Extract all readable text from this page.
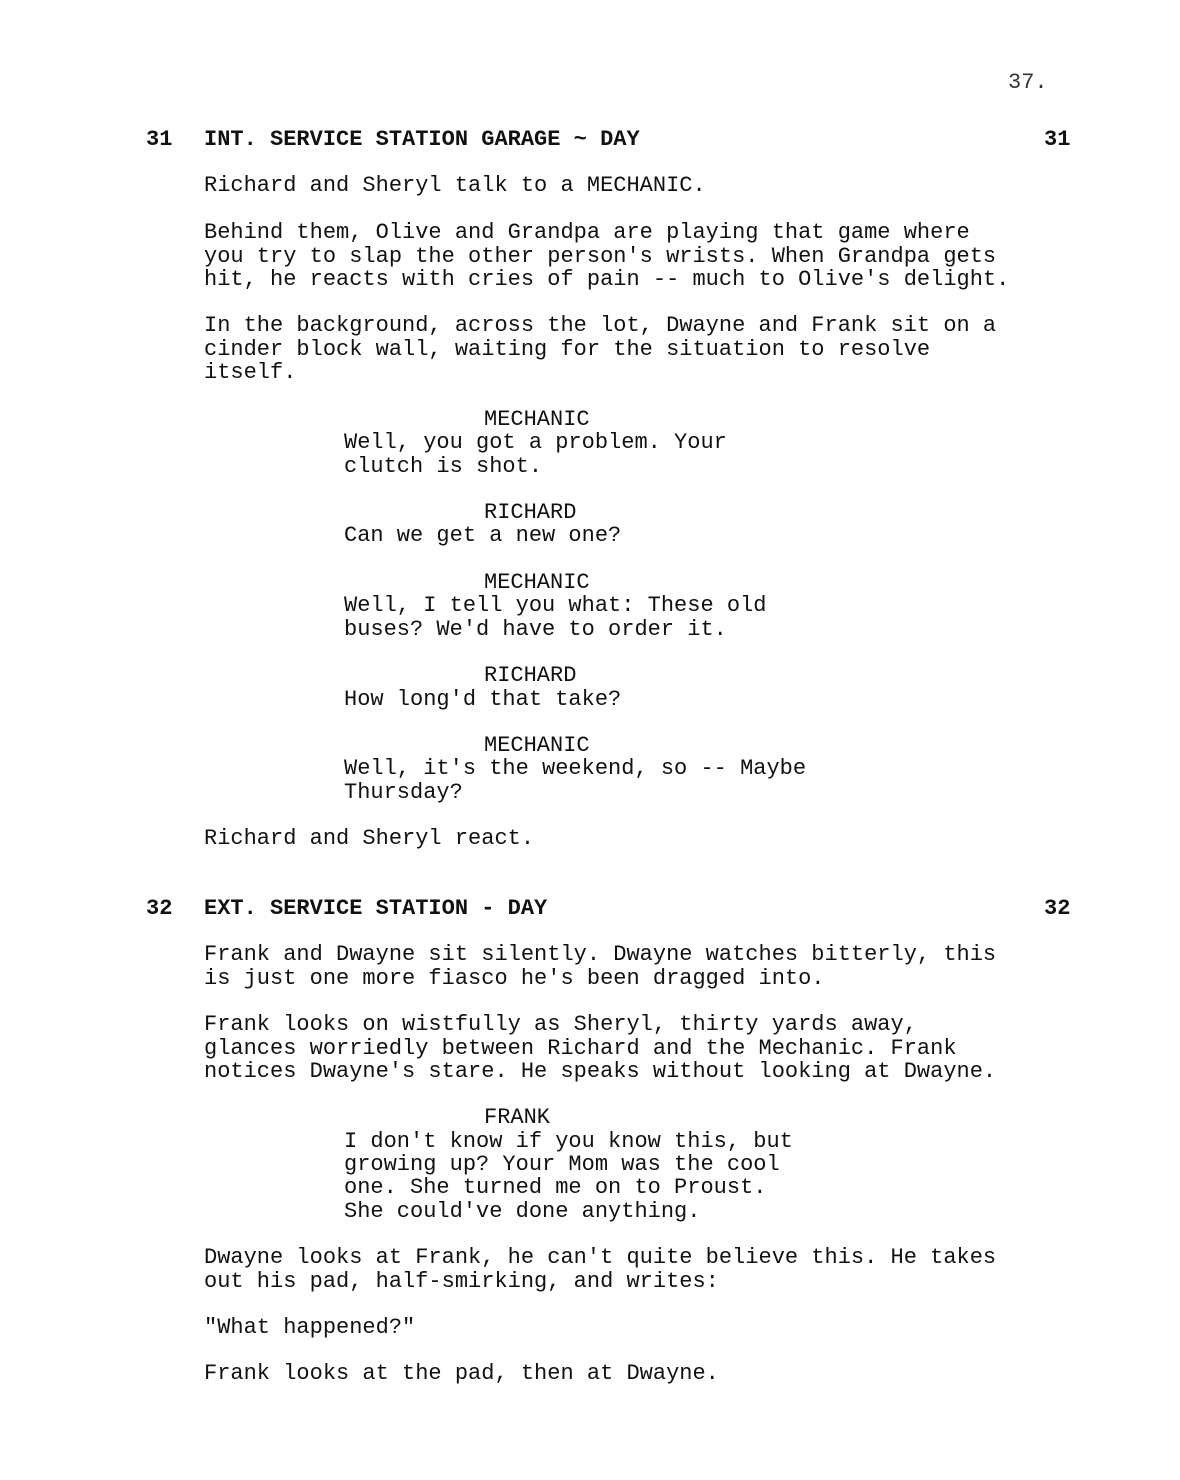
37.
31 INT. SERVICE STATION GARAGE ~ DAY	31
Richard and Sheryl talk to a MECHANIC.
Behind them, Olive and Grandpa are playing that game where
you try to slap the other person's wrists. When Grandpa gets
hit, he reacts with cries of pain -- much to Olive's delight.
In the background, across the lot, Dwayne and Frank sit on a
cinder block wall, waiting for the situation to resolve
itself.
MECHANIC
Well, you got a problem. Your
clutch is shot.
RICHARD
Can we get a new one?
MECHANIC
Well, I tell you what: These old
buses? We'd have to order it.
RICHARD
How long'd that take?
MECHANIC
Well, it's the weekend, so -- Maybe
Thursday?
Richard and Sheryl react.
32 EXT. SERVICE STATION - DAY	32
Frank and Dwayne sit silently. Dwayne watches bitterly, this
is just one more fiasco he's been dragged into.
Frank looks on wistfully as Sheryl, thirty yards away,
glances worriedly between Richard and the Mechanic. Frank
notices Dwayne's stare. He speaks without looking at Dwayne.
FRANK
I don't know if you know this, but
growing up? Your Mom was the cool
one. She turned me on to Proust.
She could've done anything.
Dwayne looks at Frank, he can't quite believe this. He takes
out his pad, half-smirking, and writes:
"What happened?"
Frank looks at the pad, then at Dwayne.
